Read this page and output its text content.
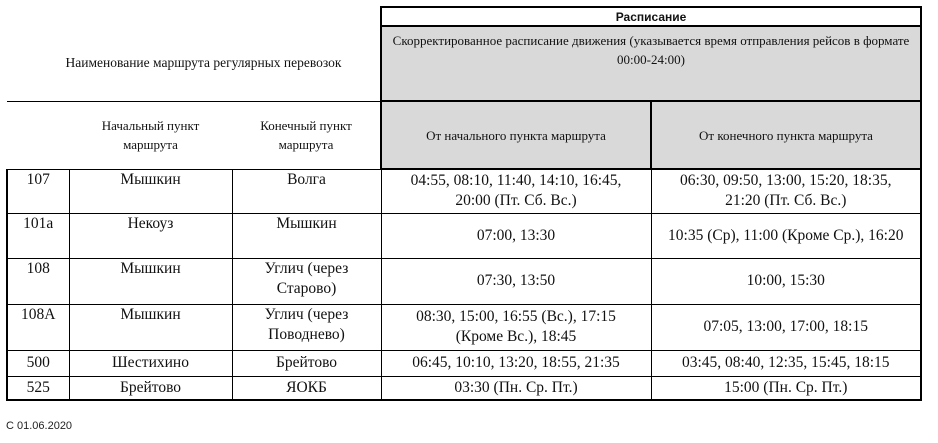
			Расписание	
Наименование маршрута регулярных перевозок			Скорректированное расписание движения (указывается время отправления рейсов в формате 00:00-24:00)	
	Начальный пункт маршрута	Конечный пункт маршрута	От начального пункта маршрута	От конечного пункта маршрута
107	Мышкин	Волга	04:55, 08:10, 11:40, 14:10, 16:45, 20:00 (Пт. Сб. Вс.)	06:30, 09:50, 13:00, 15:20, 18:35, 21:20 (Пт. Сб. Вс.)
101а	Некоуз	Мышкин	07:00, 13:30	10:35 (Ср), 11:00 (Кроме Ср.), 16:20
108	Мышкин	Углич (через Старово)	07:30, 13:50	10:00, 15:30
108А	Мышкин	Углич (через Поводнево)	08:30, 15:00, 16:55 (Вс.), 17:15 (Кроме Вс.), 18:45	07:05, 13:00, 17:00, 18:15
500	Шестихино	Брейтово	06:45, 10:10, 13:20, 18:55, 21:35	03:45, 08:40, 12:35, 15:45, 18:15
525	Брейтово	ЯОКБ	03:30 (Пн. Ср. Пт.)	15:00 (Пн. Ср. Пт.)
С 01.06.2020
